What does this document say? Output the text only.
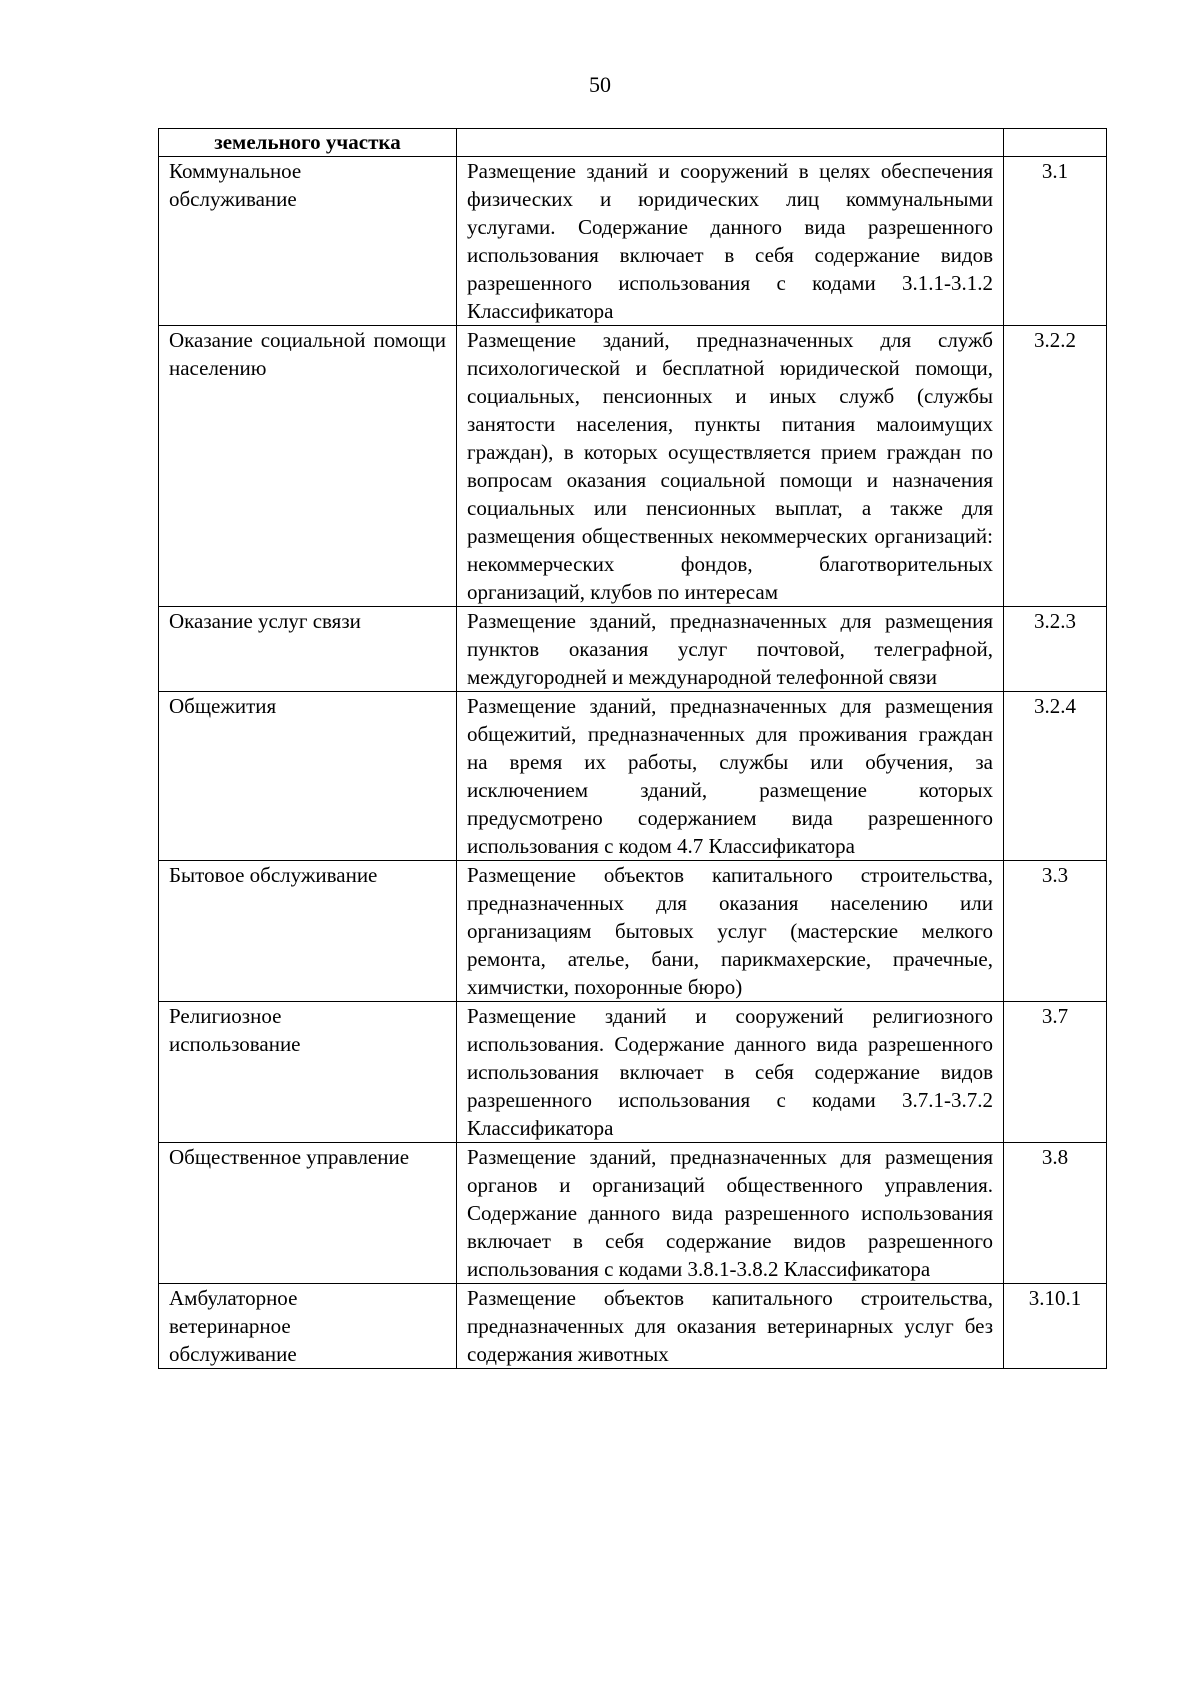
50
земельного участка		
Коммунальное обслуживание	Размещение зданий и сооружений в целях обеспечения физических и юридических лиц коммунальными услугами. Содержание данного вида разрешенного использования включает в себя содержание видов разрешенного использования с кодами 3.1.1-3.1.2 Классификатора	3.1
Оказание социальной помощи населению	Размещение зданий, предназначенных для служб психологической и бесплатной юридической помощи, социальных, пенсионных и иных служб (службы занятости населения, пункты питания малоимущих граждан), в которых осуществляется прием граждан по вопросам оказания социальной помощи и назначения социальных или пенсионных выплат, а также для размещения общественных некоммерческих организаций: некоммерческих фондов, благотворительных организаций, клубов по интересам	3.2.2
Оказание услуг связи	Размещение зданий, предназначенных для размещения пунктов оказания услуг почтовой, телеграфной, междугородней и международной телефонной связи	3.2.3
Общежития	Размещение зданий, предназначенных для размещения общежитий, предназначенных для проживания граждан на время их работы, службы или обучения, за исключением зданий, размещение которых предусмотрено содержанием вида разрешенного использования с кодом 4.7 Классификатора	3.2.4
Бытовое обслуживание	Размещение объектов капитального строительства, предназначенных для оказания населению или организациям бытовых услуг (мастерские мелкого ремонта, ателье, бани, парикмахерские, прачечные, химчистки, похоронные бюро)	3.3
Религиозное использование	Размещение зданий и сооружений религиозного использования. Содержание данного вида разрешенного использования включает в себя содержание видов разрешенного использования с кодами 3.7.1-3.7.2 Классификатора	3.7
Общественное управление	Размещение зданий, предназначенных для размещения органов и организаций общественного управления. Содержание данного вида разрешенного использования включает в себя содержание видов разрешенного использования с кодами 3.8.1-3.8.2 Классификатора	3.8
Амбулаторное ветеринарное обслуживание	Размещение объектов капитального строительства, предназначенных для оказания ветеринарных услуг без содержания животных	3.10.1
